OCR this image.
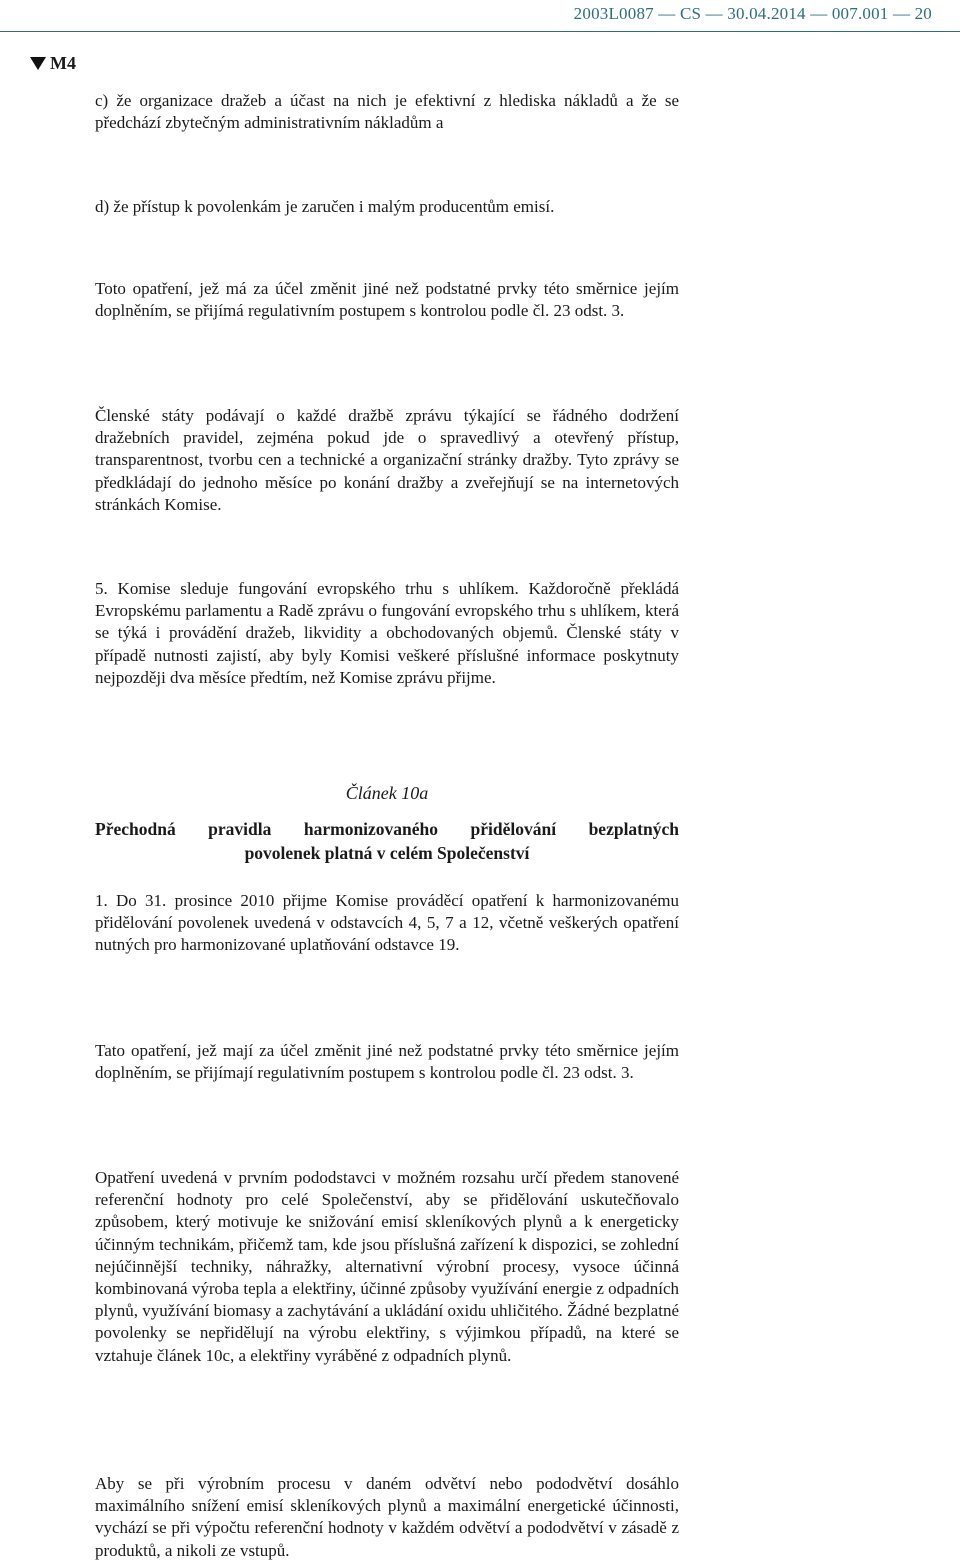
2003L0087 — CS — 30.04.2014 — 007.001 — 20
M4

c) že organizace dražeb a účast na nich je efektivní z hlediska nákladů a že se předchází zbytečným administrativním nákladům a

d) že přístup k povolenkám je zaručen i malým producentům emisí.

Toto opatření, jež má za účel změnit jiné než podstatné prvky této směrnice jejím doplněním, se přijímá regulativním postupem s kontrolou podle čl. 23 odst. 3.

Členské státy podávají o každé dražbě zprávu týkající se řádného dodržení dražebních pravidel, zejména pokud jde o spravedlivý a otevřený přístup, transparentnost, tvorbu cen a technické a organizační stránky dražby. Tyto zprávy se předkládají do jednoho měsíce po konání dražby a zveřejňují se na internetových stránkách Komise.

5. Komise sleduje fungování evropského trhu s uhlíkem. Každoročně překládá Evropskému parlamentu a Radě zprávu o fungování evropského trhu s uhlíkem, která se týká i provádění dražeb, likvidity a obchodovaných objemů. Členské státy v případě nutnosti zajistí, aby byly Komisi veškeré příslušné informace poskytnuty nejpozději dva měsíce předtím, než Komise zprávu přijme.

Článek 10a
Přechodná pravidla harmonizovaného přidělování bezplatných
povolenek platná v celém Společenství

1. Do 31. prosince 2010 přijme Komise prováděcí opatření k harmonizovanému přidělování povolenek uvedená v odstavcích 4, 5, 7 a 12, včetně veškerých opatření nutných pro harmonizované uplatňování odstavce 19.

Tato opatření, jež mají za účel změnit jiné než podstatné prvky této směrnice jejím doplněním, se přijímají regulativním postupem s kontrolou podle čl. 23 odst. 3.

Opatření uvedená v prvním pododstavci v možném rozsahu určí předem stanovené referenční hodnoty pro celé Společenství, aby se přidělování uskutečňovalo způsobem, který motivuje ke snižování emisí skleníkových plynů a k energeticky účinným technikám, přičemž tam, kde jsou příslušná zařízení k dispozici, se zohlední nejúčinnější techniky, náhražky, alternativní výrobní procesy, vysoce účinná kombinovaná výroba tepla a elektřiny, účinné způsoby využívání energie z odpadních plynů, využívání biomasy a zachytávání a ukládání oxidu uhličitého. Žádné bezplatné povolenky se nepřidělují na výrobu elektřiny, s výjimkou případů, na které se vztahuje článek 10c, a elektřiny vyráběné z odpadních plynů.

Aby se při výrobním procesu v daném odvětví nebo pododvětví dosáhlo maximálního snížení emisí skleníkových plynů a maximální energetické účinnosti, vychází se při výpočtu referenční hodnoty v každém odvětví a pododvětví v zásadě z produktů, a nikoli ze vstupů.
